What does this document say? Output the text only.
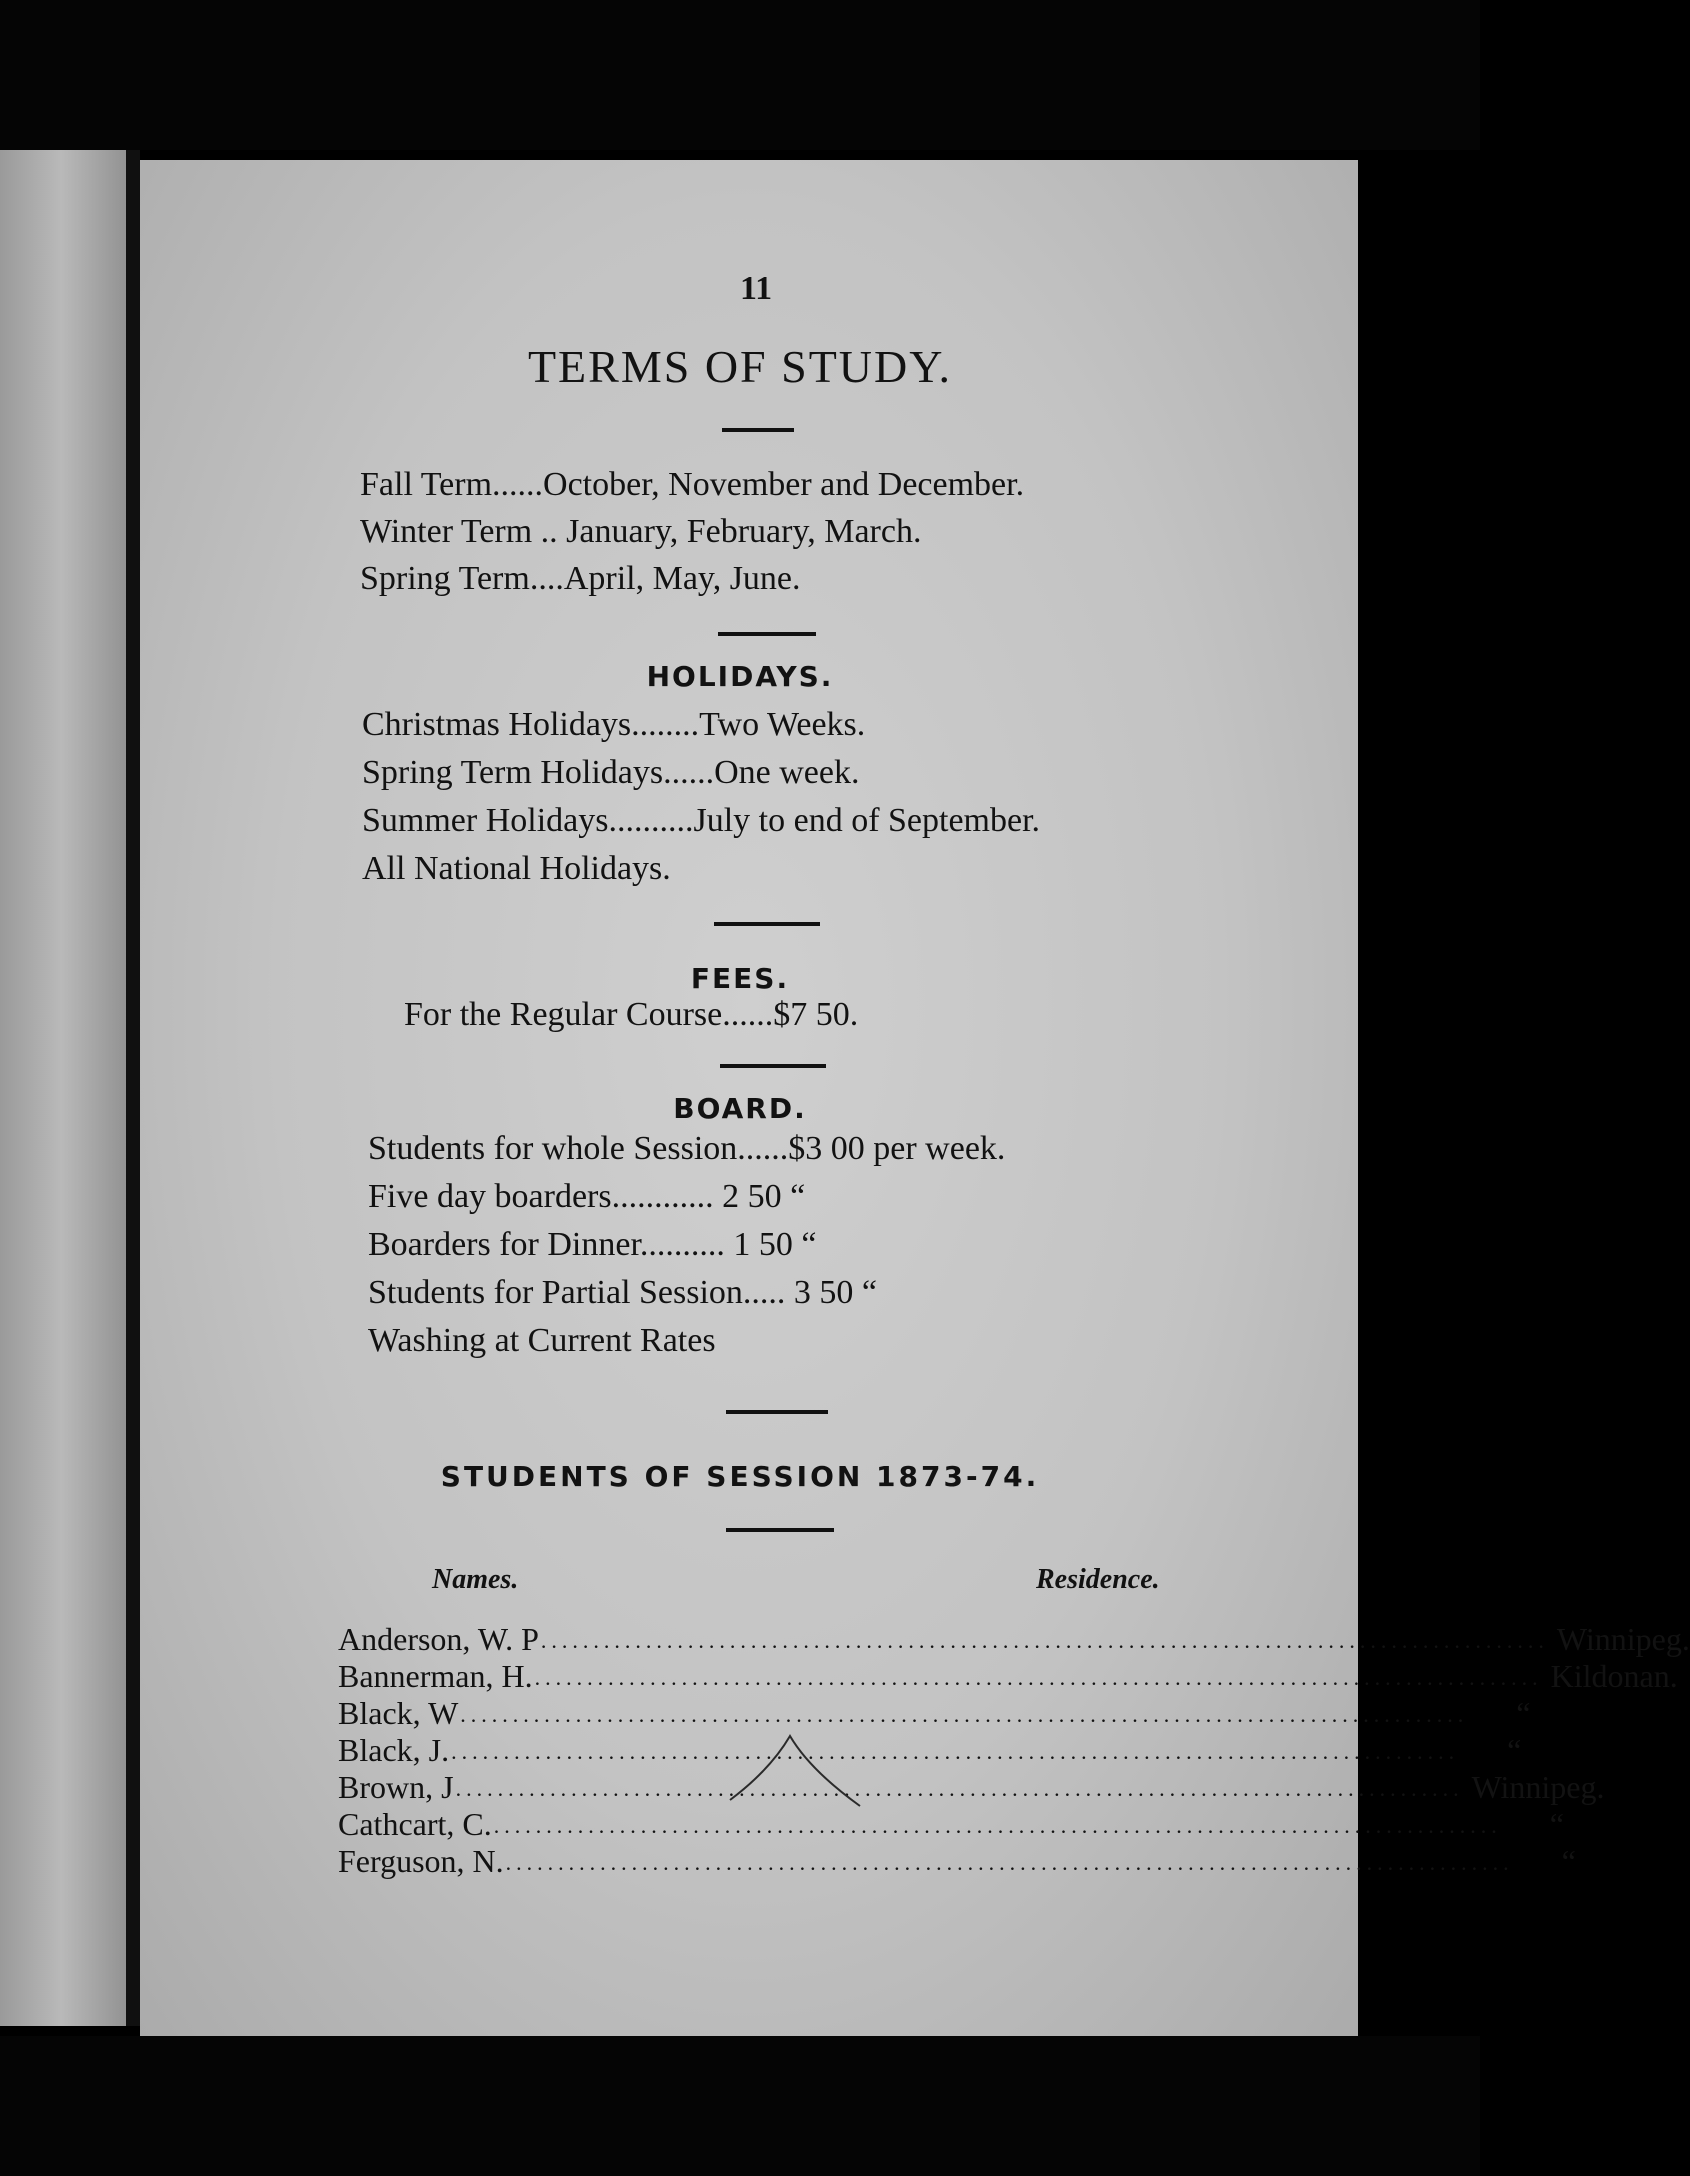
11
TERMS OF STUDY.
Fall Term......October, November and December.
Winter Term .. January, February, March.
Spring Term....April, May, June.
HOLIDAYS.
Christmas Holidays........Two Weeks.
Spring Term Holidays......One week.
Summer Holidays..........July to end of September.
All National Holidays.
FEES.
For the Regular Course......$7 50.
BOARD.
Students for whole Session......$3 00 per week.
Five day boarders............ 2 50 “
Boarders for Dinner.......... 1 50 “
Students for Partial Session..... 3 50 “
Washing at Current Rates
STUDENTS OF SESSION 1873-74.
Names.	Residence.
Anderson, W. P ................................................................................................ Winnipeg.
Bannerman, H. ................................................................................................ Kildonan.
Black, W ................................................................................................	“
Black, J. ................................................................................................	“
Brown, J ................................................................................................ Winnipeg.
Cathcart, C. ................................................................................................	“
Ferguson, N. ................................................................................................	“
